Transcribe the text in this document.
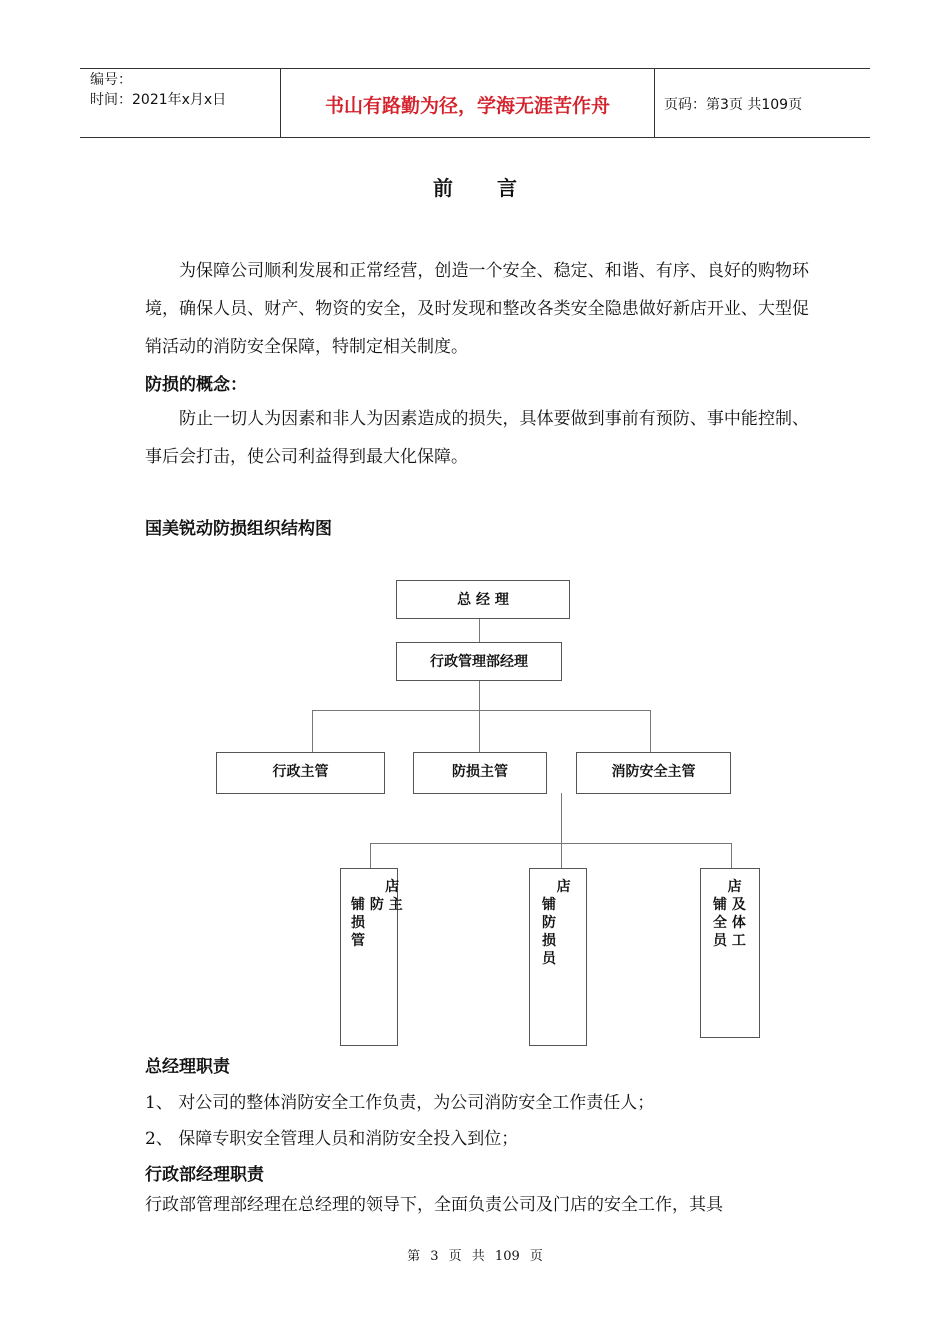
编号：
时间：2021年x月x日	书山有路勤为径，学海无涯苦作舟	页码：第3页 共109页
前言
为保障公司顺利发展和正常经营，创造一个安全、稳定、和谐、有序、良好的购物环境，确保人员、财产、物资的安全，及时发现和整改各类安全隐患做好新店开业、大型促销活动的消防安全保障，特制定相关制度。
防损的概念：
防止一切人为因素和非人为因素造成的损失，具体要做到事前有预防、事中能控制、事后会打击，使公司利益得到最大化保障。
国美锐动防损组织结构图
总 经 理
行政管理部经理
行政主管	防损主管	消防安全主管
店
铺 防 主
损
管
店
铺
防
损
员
店
铺 及
全 体
员 工
总经理职责
1、 对公司的整体消防安全工作负责，为公司消防安全工作责任人；
2、 保障专职安全管理人员和消防安全投入到位；
行政部经理职责
行政部管理部经理在总经理的领导下，全面负责公司及门店的安全工作，其具
第 3 页 共 109 页
